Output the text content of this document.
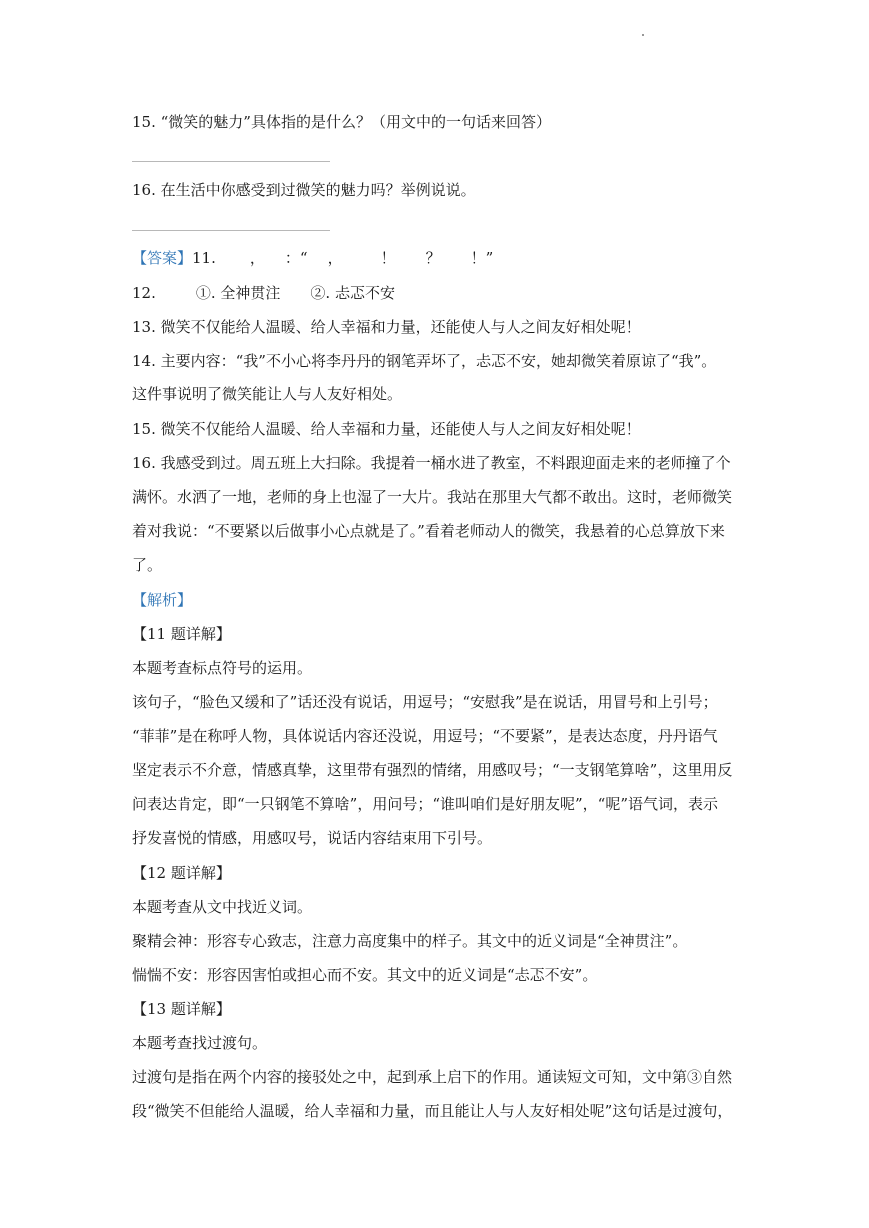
15. “微笑的魅力”具体指的是什么？（用文中的一句话来回答）
16. 在生活中你感受到过微笑的魅力吗？举例说说。
【答案】11. ， ：“ ，	！ ？ ！”
12.	①. 全神贯注 ②. 忐忑不安
13. 微笑不仅能给人温暖、给人幸福和力量，还能使人与人之间友好相处呢！
14. 主要内容：“我”不小心将李丹丹的钢笔弄坏了，忐忑不安，她却微笑着原谅了“我”。
这件事说明了微笑能让人与人友好相处。
15. 微笑不仅能给人温暖、给人幸福和力量，还能使人与人之间友好相处呢！
16. 我感受到过。周五班上大扫除。我提着一桶水进了教室，不料跟迎面走来的老师撞了个
满怀。水洒了一地，老师的身上也湿了一大片。我站在那里大气都不敢出。这时，老师微笑
着对我说：“不要紧以后做事小心点就是了。”看着老师动人的微笑，我悬着的心总算放下来
了。
【解析】
【11 题详解】
本题考查标点符号的运用。
该句子，“脸色又缓和了”话还没有说话，用逗号；“安慰我”是在说话，用冒号和上引号；
“菲菲”是在称呼人物，具体说话内容还没说，用逗号；“不要紧”，是表达态度，丹丹语气
坚定表示不介意，情感真挚，这里带有强烈的情绪，用感叹号；“一支钢笔算啥”，这里用反
问表达肯定，即“一只钢笔不算啥”，用问号；“谁叫咱们是好朋友呢”，“呢”语气词，表示
抒发喜悦的情感，用感叹号，说话内容结束用下引号。
【12 题详解】
本题考查从文中找近义词。
聚精会神：形容专心致志，注意力高度集中的样子。其文中的近义词是“全神贯注”。
惴惴不安：形容因害怕或担心而不安。其文中的近义词是“忐忑不安”。
【13 题详解】
本题考查找过渡句。
过渡句是指在两个内容的接驳处之中，起到承上启下的作用。通读短文可知，文中第③自然
段“微笑不但能给人温暖，给人幸福和力量，而且能让人与人友好相处呢”这句话是过渡句，
